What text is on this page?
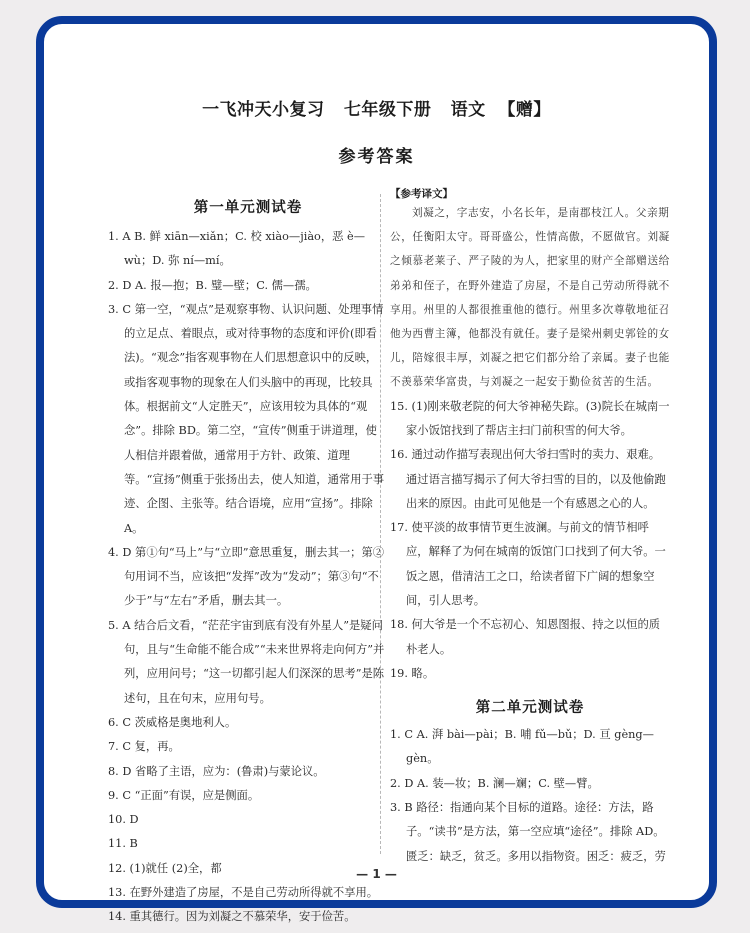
一飞冲天小复习   七年级下册   语文  【赠】
参考答案
第一单元测试卷
1. A B. 鲜 xiān—xiǎn；C. 校 xiào—jiào，恶 è—wù；D. 弥 ní—mí。
2. D A. 报—抱；B. 璧—壁；C. 儒—孺。
3. C 第一空，“观点”是观察事物、认识问题、处理事情的立足点、着眼点，或对待事物的态度和评价(即看法)。“观念”指客观事物在人们思想意识中的反映，或指客观事物的现象在人们头脑中的再现，比较具体。根据前文“人定胜天”，应该用较为具体的“观念”。排除 BD。第二空，“宣传”侧重于讲道理，使人相信并跟着做，通常用于方针、政策、道理等。“宣扬”侧重于张扬出去，使人知道，通常用于事迹、企图、主张等。结合语境，应用“宣扬”。排除 A。
4. D 第①句“马上”与“立即”意思重复，删去其一；第②句用词不当，应该把“发挥”改为“发动”；第③句“不少于”与“左右”矛盾，删去其一。
5. A 结合后文看，“茫茫宇宙到底有没有外星人”是疑问句，且与“生命能不能合成”“未来世界将走向何方”并列，应用问号；“这一切都引起人们深深的思考”是陈述句，且在句末，应用句号。
6. C 茨威格是奥地利人。
7. C 复，再。
8. D 省略了主语，应为：(鲁肃)与蒙论议。
9. C “正面”有误，应是侧面。
10. D
11. B
12. (1)就任 (2)全，都
13. 在野外建造了房屋，不是自己劳动所得就不享用。
14. 重其德行。因为刘凝之不慕荣华，安于俭苦。
【参考译文】
刘凝之，字志安，小名长年，是南郡枝江人。父亲期公，任衡阳太守。哥哥盛公，性情高傲，不愿做官。刘凝之倾慕老莱子、严子陵的为人，把家里的财产全部赠送给弟弟和侄子，在野外建造了房屋，不是自己劳动所得就不享用。州里的人都很推重他的德行。州里多次尊敬地征召他为西曹主簿，他都没有就任。妻子是梁州刺史郭铨的女儿，陪嫁很丰厚，刘凝之把它们都分给了亲属。妻子也能不羡慕荣华富贵，与刘凝之一起安于勤俭贫苦的生活。
15. (1)刚来敬老院的何大爷神秘失踪。(3)院长在城南一家小饭馆找到了帮店主扫门前积雪的何大爷。
16. 通过动作描写表现出何大爷扫雪时的卖力、艰难。通过语言描写揭示了何大爷扫雪的目的，以及他偷跑出来的原因。由此可见他是一个有感恩之心的人。
17. 使平淡的故事情节更生波澜。与前文的情节相呼应，解释了为何在城南的饭馆门口找到了何大爷。一饭之恩，借清洁工之口，给读者留下广阔的想象空间，引人思考。
18. 何大爷是一个不忘初心、知恩图报、持之以恒的质朴老人。
19. 略。
第二单元测试卷
1. C A. 湃 bài—pài；B. 哺 fǔ—bǔ；D. 亘 gèng—gèn。
2. D A. 装—妆；B. 澜—斓；C. 壁—臂。
3. B 路径：指通向某个目标的道路。途径：方法，路子。“读书”是方法，第一空应填“途径”。排除 AD。匮乏：缺乏，贫乏。多用以指物资。困乏：疲乏，劳
— 1 —
